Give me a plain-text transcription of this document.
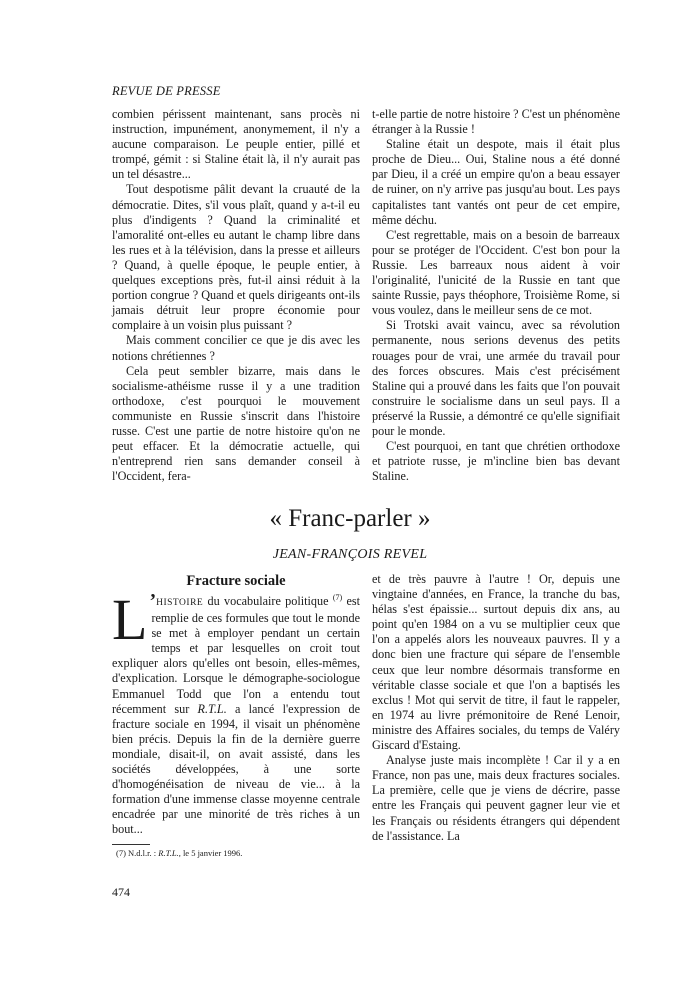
REVUE DE PRESSE

combien périssent maintenant, sans procès ni instruction, impunément, anonymement, il n'y a aucune comparaison. Le peuple entier, pillé et trompé, gémit : si Staline était là, il n'y aurait pas un tel désastre...

Tout despotisme pâlit devant la cruauté de la démocratie. Dites, s'il vous plaît, quand y a-t-il eu plus d'indigents ? Quand la criminalité et l'amoralité ont-elles eu autant le champ libre dans les rues et à la télévision, dans la presse et ailleurs ? Quand, à quelle époque, le peuple entier, à quelques exceptions près, fut-il ainsi réduit à la portion congrue ? Quand et quels dirigeants ont-ils jamais détruit leur propre économie pour complaire à un voisin plus puissant ?

Mais comment concilier ce que je dis avec les notions chrétiennes ?

Cela peut sembler bizarre, mais dans le socialisme-athéisme russe il y a une tradition orthodoxe, c'est pourquoi le mouvement communiste en Russie s'inscrit dans l'histoire russe. C'est une partie de notre histoire qu'on ne peut effacer. Et la démocratie actuelle, qui n'entreprend rien sans demander conseil à l'Occident, fera-

t-elle partie de notre histoire ? C'est un phénomène étranger à la Russie !

Staline était un despote, mais il était plus proche de Dieu... Oui, Staline nous a été donné par Dieu, il a créé un empire qu'on a beau essayer de ruiner, on n'y arrive pas jusqu'au bout. Les pays capitalistes tant vantés ont peur de cet empire, même déchu.

C'est regrettable, mais on a besoin de barreaux pour se protéger de l'Occident. C'est bon pour la Russie. Les barreaux nous aident à voir l'originalité, l'unicité de la Russie en tant que sainte Russie, pays théophore, Troisième Rome, si vous voulez, dans le meilleur sens de ce mot.

Si Trotski avait vaincu, avec sa révolution permanente, nous serions devenus des petits rouages pour de vrai, une armée du travail pour des forces obscures. Mais c'est précisément Staline qui a prouvé dans les faits que l'on pouvait construire le socialisme dans un seul pays. Il a préservé la Russie, a démontré ce qu'elle signifiait pour le monde.

C'est pourquoi, en tant que chrétien orthodoxe et patriote russe, je m'incline bien bas devant Staline.

« Franc-parler »
JEAN-FRANÇOIS REVEL
Fracture sociale

L ’HISTOIRE du vocabulaire politique $^{(7)}$ est remplie de ces formules que tout le monde se met à employer pendant un certain temps et par lesquelles on croit tout expliquer alors qu'elles ont besoin, elles-mêmes, d'explication. Lorsque le démographe-sociologue Emmanuel Todd que l'on a entendu tout récemment sur R.T.L. a lancé l'expression de fracture sociale en 1994, il visait un phénomène bien précis. Depuis la fin de la dernière guerre mondiale, disait-il, on avait assisté, dans les sociétés développées, à une sorte d'homogénéisation de niveau de vie... à la formation d'une immense classe moyenne centrale encadrée par une minorité de très riches à un bout...

(7) N.d.l.r. : R.T.L., le 5 janvier 1996.
474

et de très pauvre à l'autre ! Or, depuis une vingtaine d'années, en France, la tranche du bas, hélas s'est épaissie... surtout depuis dix ans, au point qu'en 1984 on a vu se multiplier ceux que l'on a appelés alors les nouveaux pauvres. Il y a donc bien une fracture qui sépare de l'ensemble ceux que leur nombre désormais transforme en véritable classe sociale et que l'on a baptisés les exclus ! Mot qui servit de titre, il faut le rappeler, en 1974 au livre prémonitoire de René Lenoir, ministre des Affaires sociales, du temps de Valéry Giscard d'Estaing.

Analyse juste mais incomplète ! Car il y a en France, non pas une, mais deux fractures sociales. La première, celle que je viens de décrire, passe entre les Français qui peuvent gagner leur vie et les Français ou résidents étrangers qui dépendent de l'assistance. La
